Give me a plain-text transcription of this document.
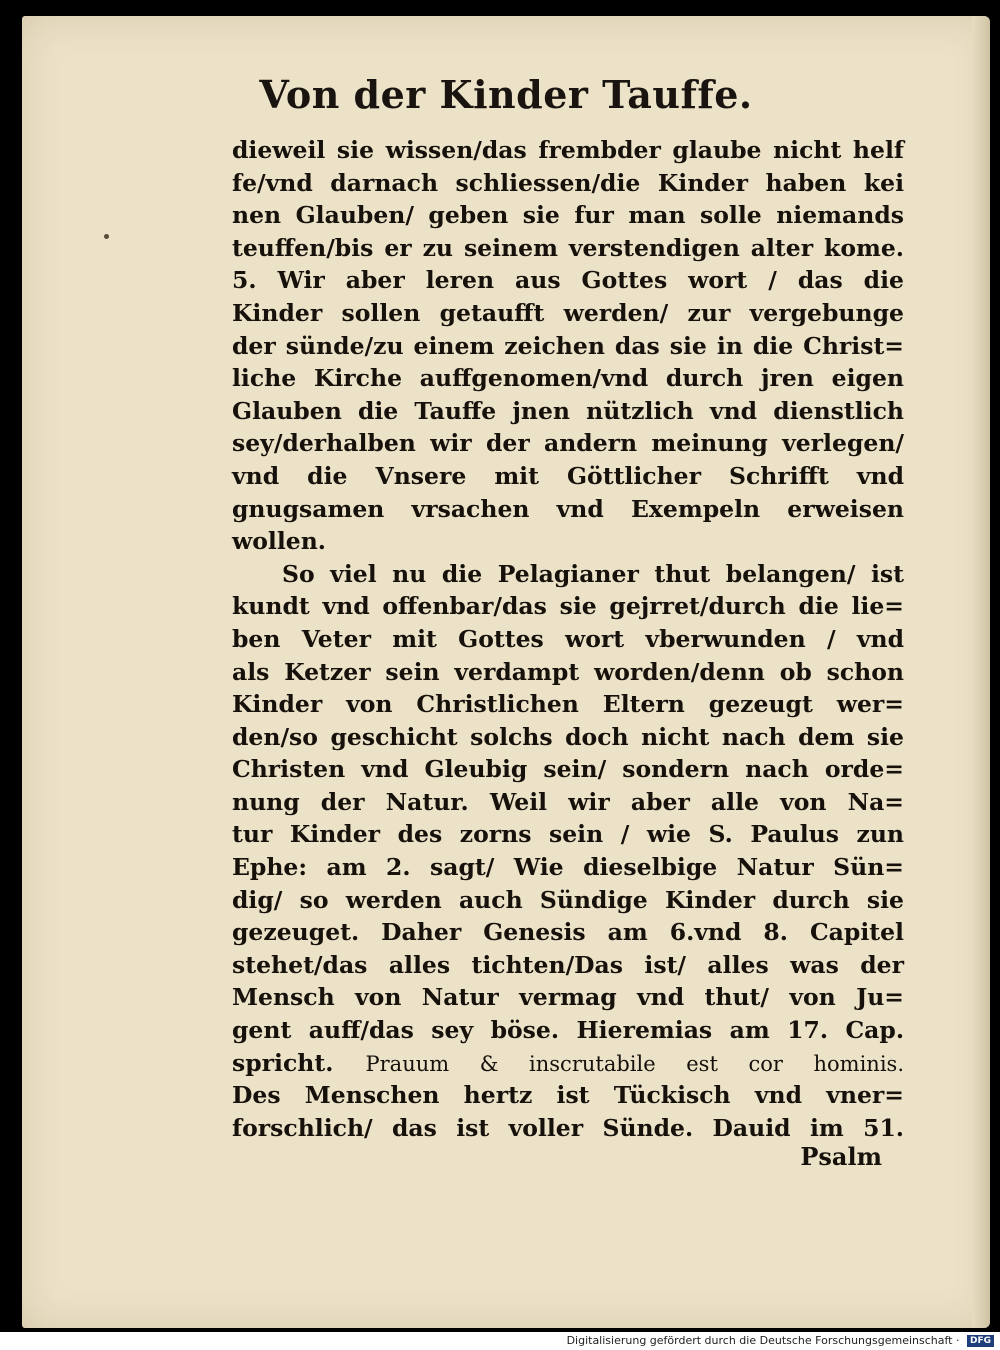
Von der Kinder Tauffe.
dieweil sie wissen/das frembder glaube nicht helf
fe/vnd darnach schliessen/die Kinder haben kei
nen Glauben/ geben sie fur man solle niemands
teuffen/bis er zu seinem verstendigen alter kome.
5. Wir aber leren aus Gottes wort / das die
Kinder sollen getaufft werden/ zur vergebunge
der sünde/zu einem zeichen das sie in die Christ=
liche Kirche auffgenomen/vnd durch jren eigen
Glauben die Tauffe jnen nützlich vnd dienstlich
sey/derhalben wir der andern meinung verlegen/
vnd die Vnsere mit Göttlicher Schrifft vnd
gnugsamen vrsachen vnd Exempeln erweisen
wollen.
So viel nu die Pelagianer thut belangen/ ist
kundt vnd offenbar/das sie gejrret/durch die lie=
ben Veter mit Gottes wort vberwunden / vnd
als Ketzer sein verdampt worden/denn ob schon
Kinder von Christlichen Eltern gezeugt wer=
den/so geschicht solchs doch nicht nach dem sie
Christen vnd Gleubig sein/ sondern nach orde=
nung der Natur. Weil wir aber alle von Na=
tur Kinder des zorns sein / wie S. Paulus zun
Ephe: am 2. sagt/ Wie dieselbige Natur Sün=
dig/ so werden auch Sündige Kinder durch sie
gezeuget. Daher Genesis am 6.vnd 8. Capitel
stehet/das alles tichten/Das ist/ alles was der
Mensch von Natur vermag vnd thut/ von Ju=
gent auff/das sey böse. Hieremias am 17. Cap.
spricht. Prauum & inscrutabile est cor hominis.
Des Menschen hertz ist Tückisch vnd vner=
forschlich/ das ist voller Sünde. Dauid im 51.
Psalm
Digitalisierung gefördert durch die Deutsche Forschungsgemeinschaft · DFG
